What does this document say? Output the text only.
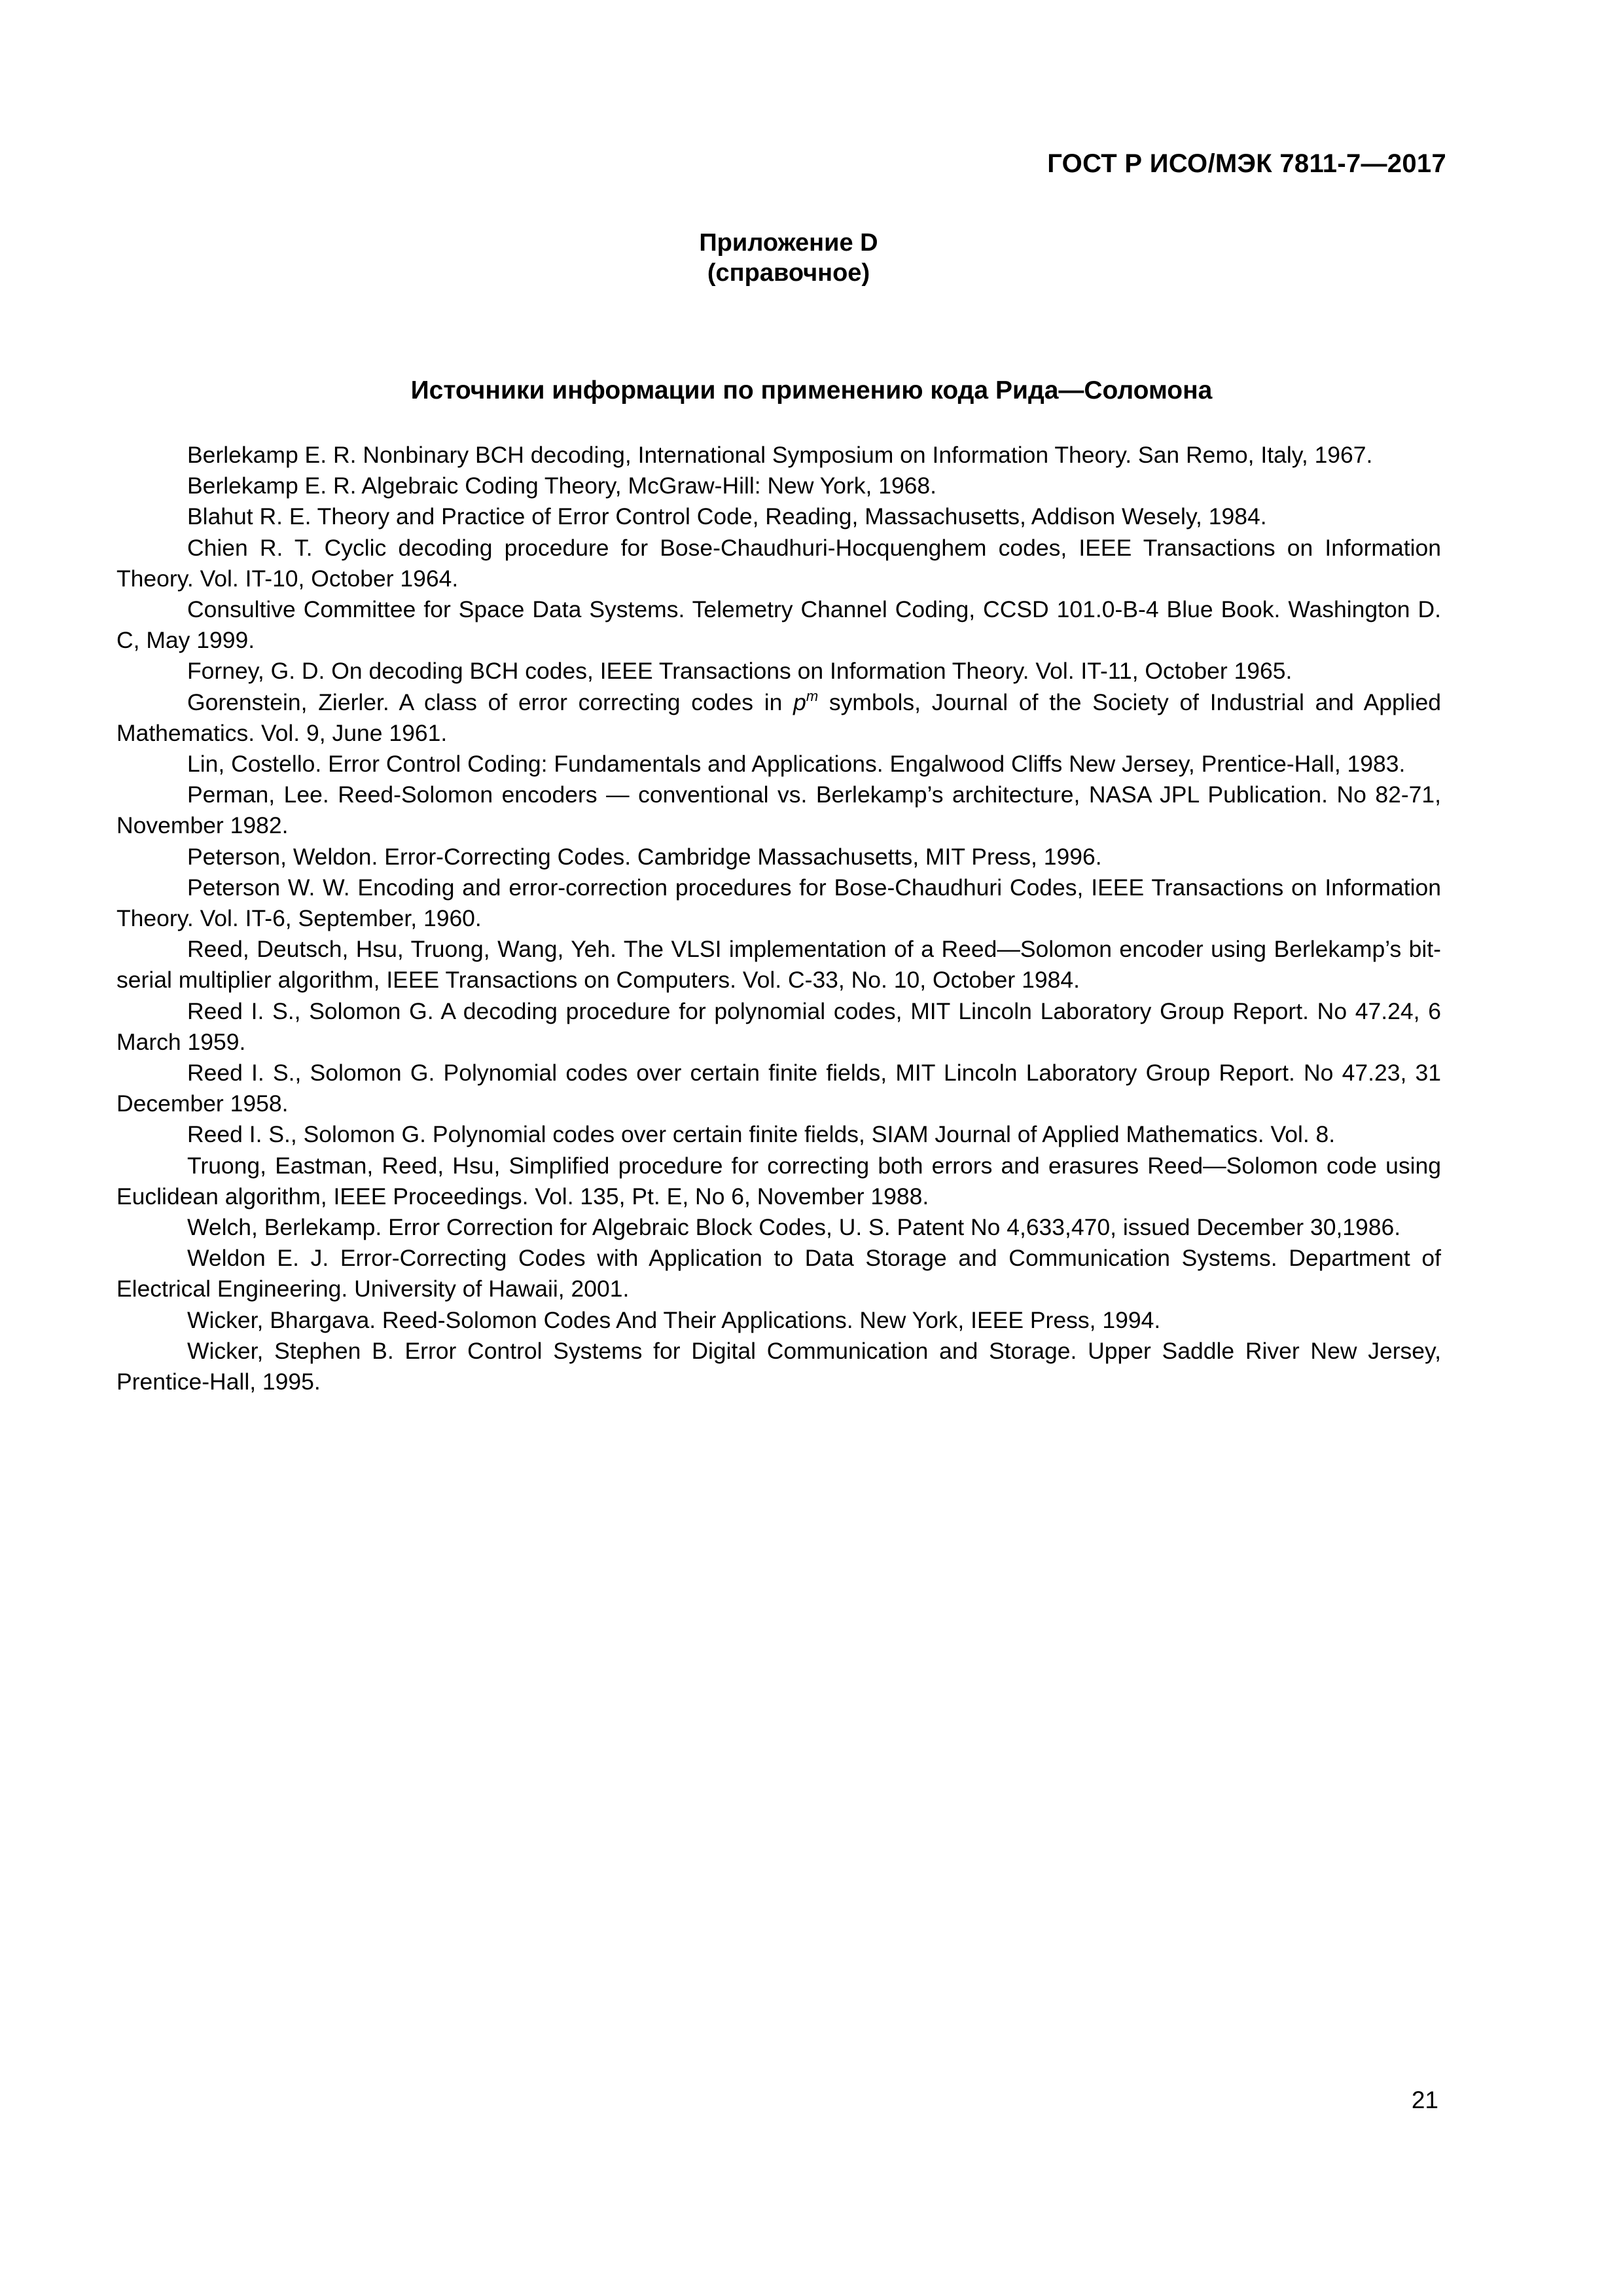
ГОСТ Р ИСО/МЭК 7811-7—2017
Приложение D
(справочное)
Источники информации по применению кода Рида—Соломона

Berlekamp E. R. Nonbinary BCH decoding, International Symposium on Information Theory. San Remo, Italy, 1967.

Berlekamp E. R. Algebraic Coding Theory, McGraw-Hill: New York, 1968.

Blahut R. E. Theory and Practice of Error Control Code, Reading, Massachusetts, Addison Wesely, 1984.

Chien R. T. Cyclic decoding procedure for Bose-Chaudhuri-Hocquenghem codes, IEEE Transactions on Information Theory. Vol. IT-10, October 1964.

Consultive Committee for Space Data Systems. Telemetry Channel Coding, CCSD 101.0-B-4 Blue Book. Washington D. C, May 1999.

Forney, G. D. On decoding BCH codes, IEEE Transactions on Information Theory. Vol. IT-11, October 1965.

Gorenstein, Zierler. A class of error correcting codes in $p^m$ symbols, Journal of the Society of Industrial and Applied Mathematics. Vol. 9, June 1961.

Lin, Costello. Error Control Coding: Fundamentals and Applications. Engalwood Cliffs New Jersey, Prentice-Hall, 1983.

Perman, Lee. Reed-Solomon encoders — conventional vs. Berlekamp’s architecture, NASA JPL Publication. No 82-71, November 1982.

Peterson, Weldon. Error-Correcting Codes. Cambridge Massachusetts, MIT Press, 1996.

Peterson W. W. Encoding and error-correction procedures for Bose-Chaudhuri Codes, IEEE Transactions on Information Theory. Vol. IT-6, September, 1960.

Reed, Deutsch, Hsu, Truong, Wang, Yeh. The VLSI implementation of a Reed—Solomon encoder using Berlekamp’s bit-serial multiplier algorithm, IEEE Transactions on Computers. Vol. C-33, No. 10, October 1984.

Reed I. S., Solomon G. A decoding procedure for polynomial codes, MIT Lincoln Laboratory Group Report. No 47.24, 6 March 1959.

Reed I. S., Solomon G. Polynomial codes over certain finite fields, MIT Lincoln Laboratory Group Report. No 47.23, 31 December 1958.

Reed I. S., Solomon G. Polynomial codes over certain finite fields, SIAM Journal of Applied Mathematics. Vol. 8.

Truong, Eastman, Reed, Hsu, Simplified procedure for correcting both errors and erasures Reed—Solomon code using Euclidean algorithm, IEEE Proceedings. Vol. 135, Pt. E, No 6, November 1988.

Welch, Berlekamp. Error Correction for Algebraic Block Codes, U. S. Patent No 4,633,470, issued December 30,1986.

Weldon E. J. Error-Correcting Codes with Application to Data Storage and Communication Systems. Department of Electrical Engineering. University of Hawaii, 2001.

Wicker, Bhargava. Reed-Solomon Codes And Their Applications. New York, IEEE Press, 1994.

Wicker, Stephen B. Error Control Systems for Digital Communication and Storage. Upper Saddle River New Jersey, Prentice-Hall, 1995.

21
